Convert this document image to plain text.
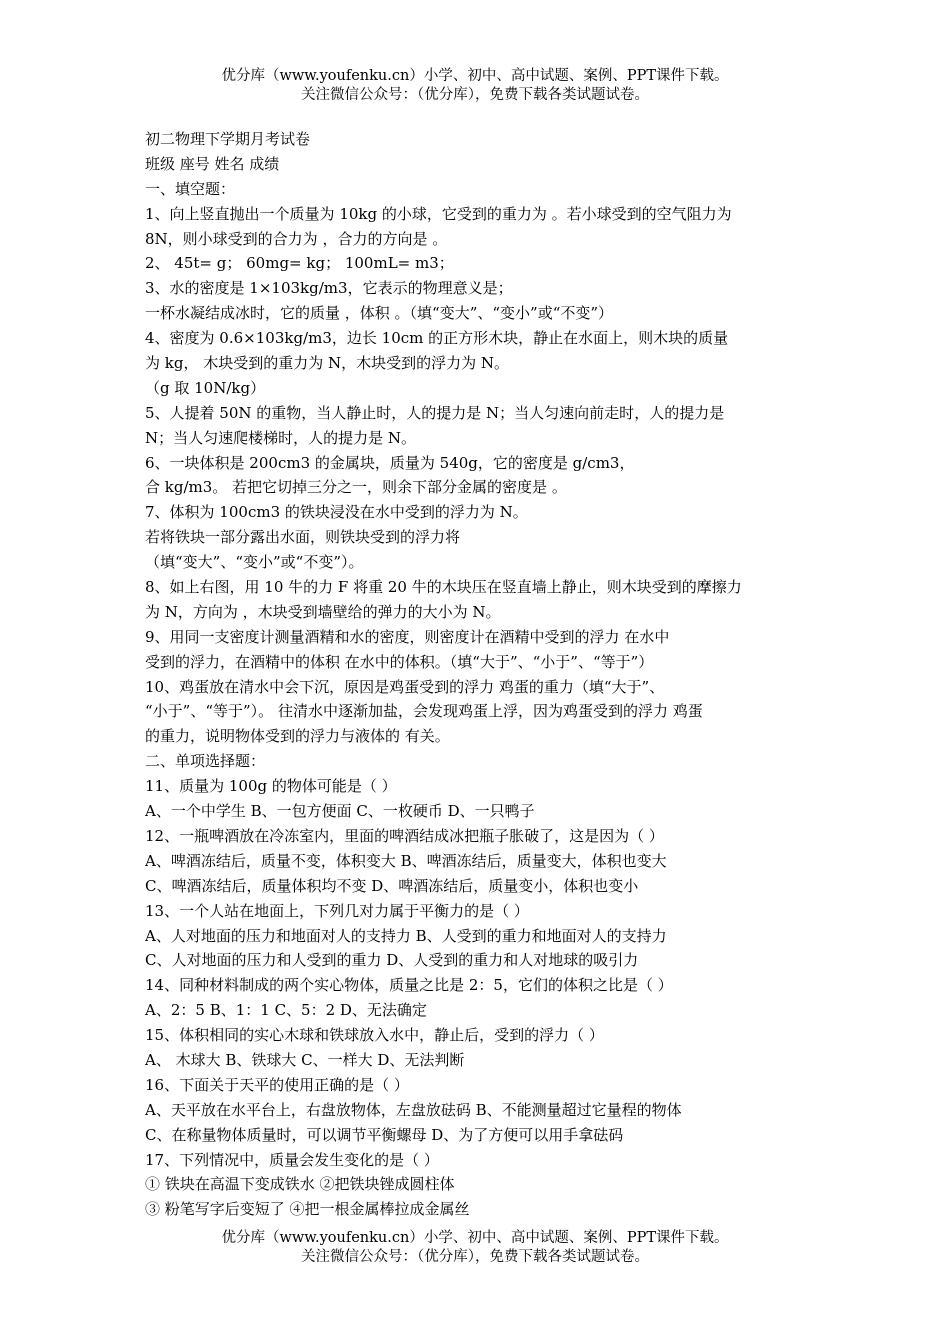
优分库（www.youfenku.cn）小学、初中、高中试题、案例、PPT课件下载。
关注微信公众号：（优分库），免费下载各类试题试卷。
初二物理下学期月考试卷
班级 座号 姓名 成绩
一、填空题：
1、向上竖直抛出一个质量为 10kg 的小球，它受到的重力为 。若小球受到的空气阻力为
8N，则小球受到的合力为 ，合力的方向是 。
2、 45t= g； 60mg= kg； 100mL= m3；
3、水的密度是 1×103kg/m3，它表示的物理意义是；
一杯水凝结成冰时，它的质量 ，体积 。（填“变大”、“变小”或“不变”）
4、密度为 0.6×103kg/m3，边长 10cm 的正方形木块，静止在水面上，则木块的质量
为 kg， 木块受到的重力为 N，木块受到的浮力为 N。
（g 取 10N/kg）
5、人提着 50N 的重物，当人静止时，人的提力是 N；当人匀速向前走时，人的提力是
N；当人匀速爬楼梯时，人的提力是 N。
6、一块体积是 200cm3 的金属块，质量为 540g，它的密度是 g/cm3，
合 kg/m3。 若把它切掉三分之一，则余下部分金属的密度是 。
7、体积为 100cm3 的铁块浸没在水中受到的浮力为 N。
若将铁块一部分露出水面，则铁块受到的浮力将
（填“变大”、“变小”或“不变”）。
8、如上右图，用 10 牛的力 F 将重 20 牛的木块压在竖直墙上静止，则木块受到的摩擦力
为 N，方向为 ，木块受到墙壁给的弹力的大小为 N。
9、用同一支密度计测量酒精和水的密度，则密度计在酒精中受到的浮力 在水中
受到的浮力，在酒精中的体积 在水中的体积。（填“大于”、“小于”、“等于”）
10、鸡蛋放在清水中会下沉，原因是鸡蛋受到的浮力 鸡蛋的重力（填“大于”、
“小于”、“等于”）。 往清水中逐渐加盐，会发现鸡蛋上浮，因为鸡蛋受到的浮力 鸡蛋
的重力，说明物体受到的浮力与液体的 有关。
二、单项选择题：
11、质量为 100g 的物体可能是（ ）
A、一个中学生 B、一包方便面 C、一枚硬币 D、一只鸭子
12、一瓶啤酒放在冷冻室内，里面的啤酒结成冰把瓶子胀破了，这是因为（ ）
A、啤酒冻结后，质量不变，体积变大 B、啤酒冻结后，质量变大，体积也变大
C、啤酒冻结后，质量体积均不变 D、啤酒冻结后，质量变小，体积也变小
13、一个人站在地面上，下列几对力属于平衡力的是（ ）
A、人对地面的压力和地面对人的支持力 B、人受到的重力和地面对人的支持力
C、人对地面的压力和人受到的重力 D、人受到的重力和人对地球的吸引力
14、同种材料制成的两个实心物体，质量之比是 2：5，它们的体积之比是（ ）
A、2：5 B、1：1 C、5：2 D、无法确定
15、体积相同的实心木球和铁球放入水中，静止后，受到的浮力（ ）
A、 木球大 B、铁球大 C、一样大 D、无法判断
16、下面关于天平的使用正确的是（ ）
A、天平放在水平台上，右盘放物体，左盘放砝码 B、不能测量超过它量程的物体
C、在称量物体质量时，可以调节平衡螺母 D、为了方便可以用手拿砝码
17、下列情况中，质量会发生变化的是（ ）
① 铁块在高温下变成铁水 ②把铁块锉成圆柱体
③ 粉笔写字后变短了 ④把一根金属棒拉成金属丝
优分库（www.youfenku.cn）小学、初中、高中试题、案例、PPT课件下载。
关注微信公众号：（优分库），免费下载各类试题试卷。
